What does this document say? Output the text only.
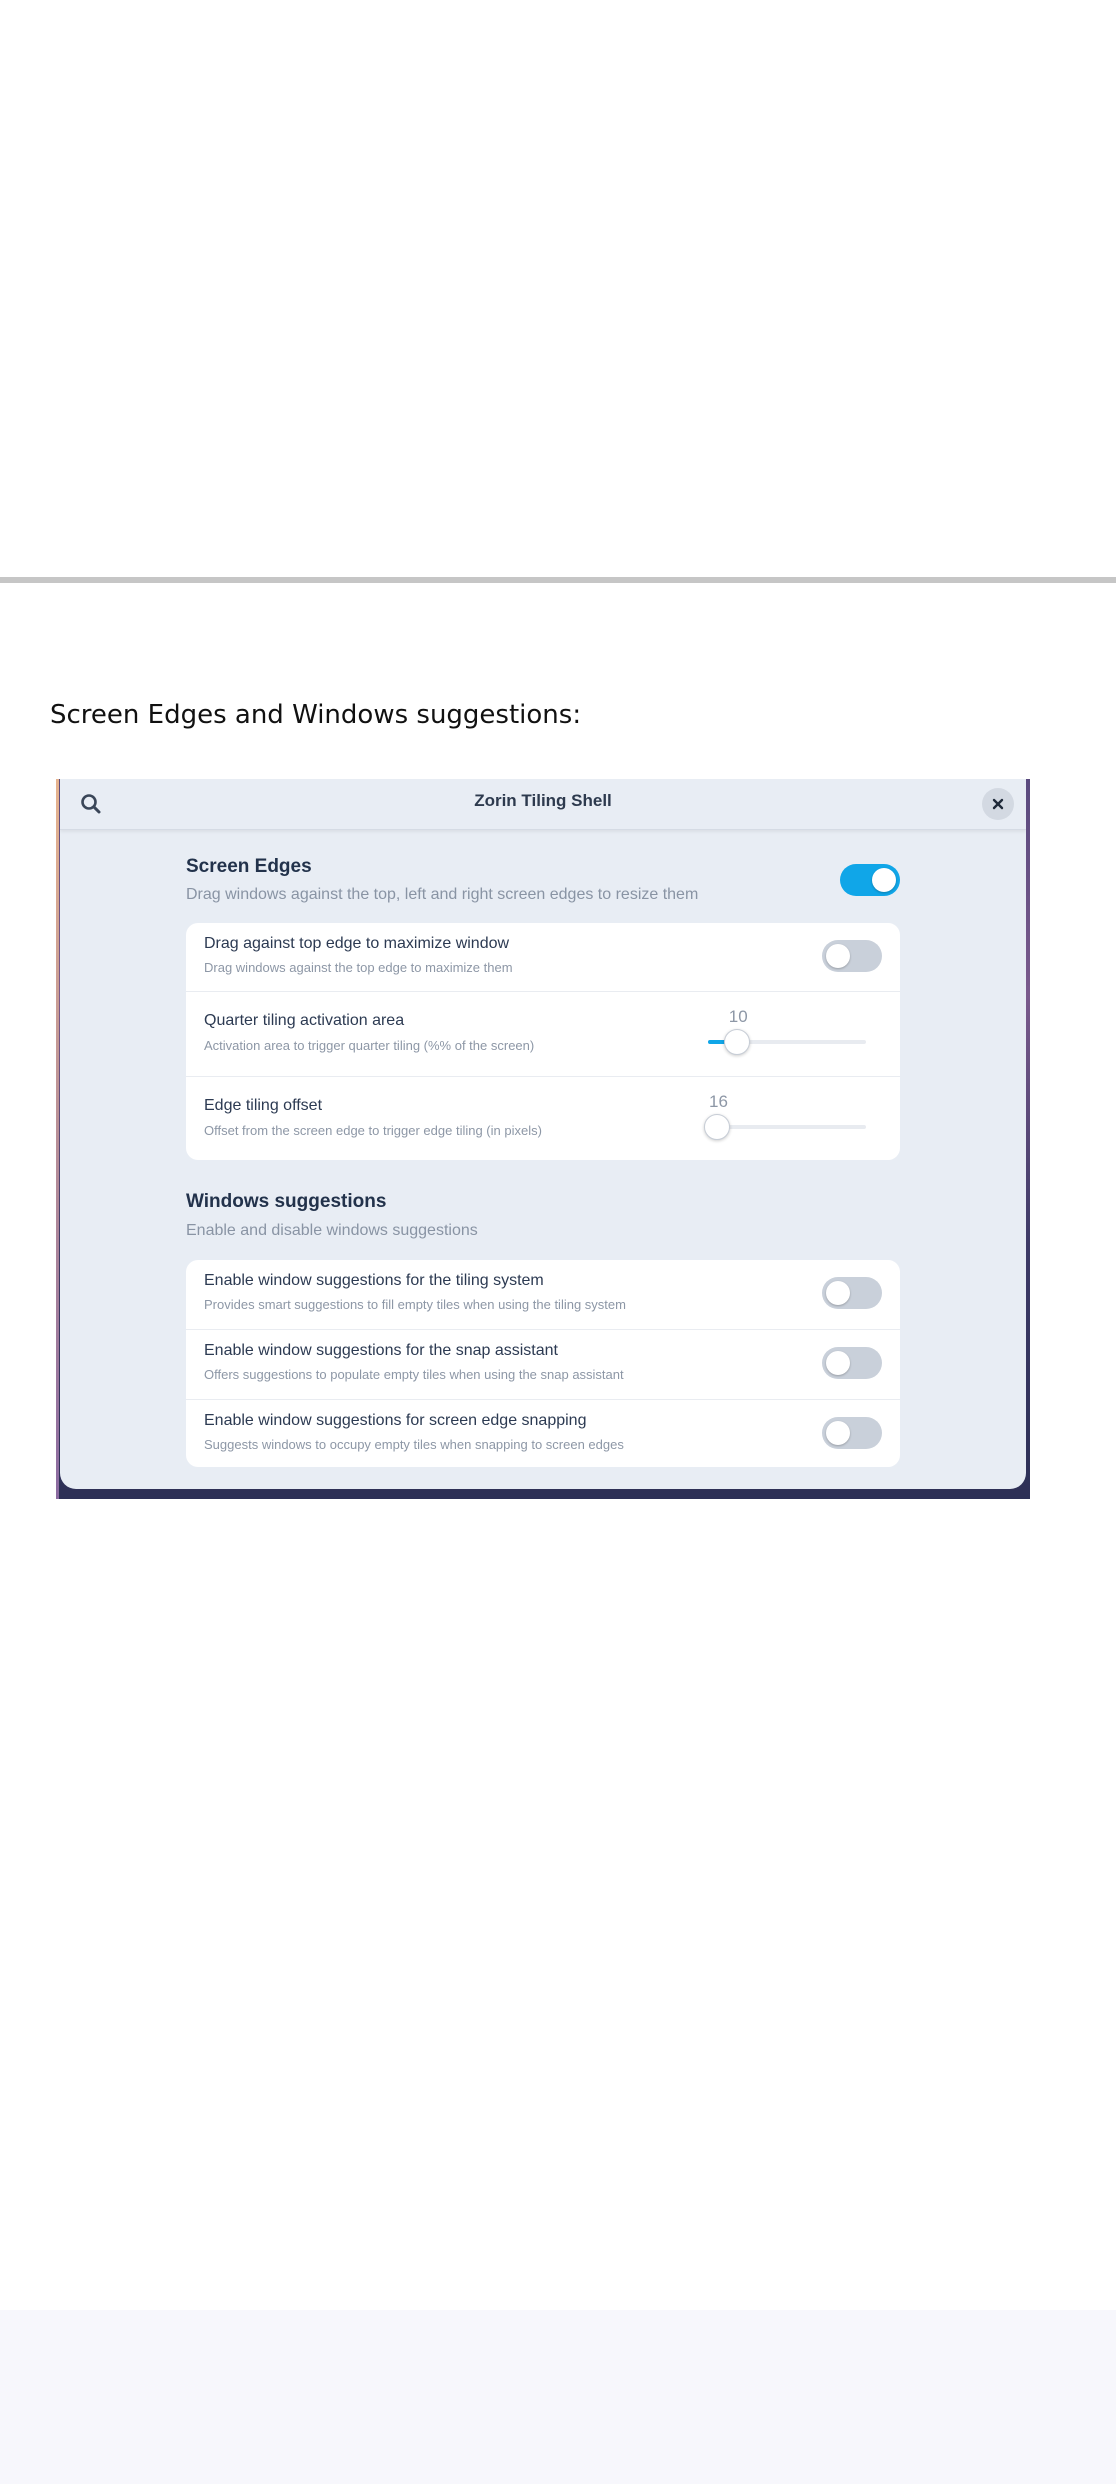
Screen Edges and Windows suggestions:
Zorin Tiling Shell
Screen Edges
Drag windows against the top, left and right screen edges to resize them
Drag against top edge to maximize window
Drag windows against the top edge to maximize them
Quarter tiling activation area
Activation area to trigger quarter tiling (%% of the screen)
10
Edge tiling offset
Offset from the screen edge to trigger edge tiling (in pixels)
16
Windows suggestions
Enable and disable windows suggestions
Enable window suggestions for the tiling system
Provides smart suggestions to fill empty tiles when using the tiling system
Enable window suggestions for the snap assistant
Offers suggestions to populate empty tiles when using the snap assistant
Enable window suggestions for screen edge snapping
Suggests windows to occupy empty tiles when snapping to screen edges
